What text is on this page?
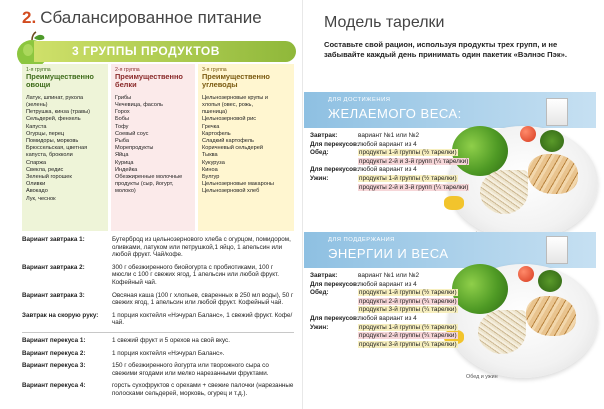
2. Сбалансированное питание
3 ГРУППЫ ПРОДУКТОВ
1-я группа
Преимущественно овощи
Латук, шпинат, рукола
(зелень)
Петрушка, кинза (травы)
Сельдерей, фенхель
Капуста
Огурцы, перец
Помидоры, морковь
Брюссельская, цветная
капуста, брокколи
Спаржа
Свекла, редис
Зеленый горошек
Оливки
Авокадо
Лук, чеснок
2-я группа
Преимущественно белки
Грибы
Чечевица, фасоль
Горох
Бобы
Тофу
Соевый соус
Рыба
Морепродукты
Яйца
Курица
Индейка
Обезжиренные молочные
продукты (сыр, йогурт,
молоко)
3-я группа
Преимущественно углеводы
Цельнозерновые крупы и
хлопья (овес, рожь,
пшеница)
Цельнозерновой рис
Гречка
Картофель
Сладкий картофель
Коричневый сельдерей
Тыква
Кукуруза
Киноа
Булгур
Цельнозерновые макароны
Цельнозерновой хлеб
Вариант завтрака 1:	Бутерброд из цельнозернового хлеба с огурцом, помидором, оливками, латуком или петрушкой,1 яйцо, 1 апельсин или любой фрукт. Чай/кофе.
Вариант завтрака 2:	300 г обезжиренного биойогурта с пробиотиками, 100 г мюсли с 100 г свежих ягод, 1 апельсин или любой фрукт. Кофейный чай.
Вариант завтрака 3:	Овсяная каша (100 г хлопьев, сваренных в 250 мл воды), 50 г свежих ягод, 1 апельсин или любой фрукт. Кофейный чай.
Завтрак на скорую руку:	1 порция коктейля «Нэчурал Баланс», 1 свежий фрукт. Кофе/чай.
Вариант перекуса 1:	1 свежий фрукт и 5 орехов на свой вкус.
Вариант перекуса 2:	1 порция коктейля «Нэчурал Баланс».
Вариант перекуса 3:	150 г обезжиренного йогурта или творожного сыра со свежими ягодами или мелко нарезанными фруктами.
Вариант перекуса 4:	горсть сухофруктов с орехами + свежие палочки (нарезанные полосками сельдерей, морковь, огурец и т.д.).
Модель тарелки
Составьте свой рацион, используя продукты трех групп, и не забывайте каждый день принимать один пакетик «Вэлнэс Пэк».
ДЛЯ ДОСТИЖЕНИЯ
ЖЕЛАЕМОГО ВЕСА:
Завтрак:	вариант №1 или №2
Для перекусов:любой вариант из 4
Обед:	продукты 1-й группы (½ тарелки)
продукты 2-й и 3-й групп (¼ тарелки)
Для перекусов:любой вариант из 4
Ужин:	продукты 1-й группы (½ тарелки)
продукты 2-й и 3-й групп (¼ тарелки)
ДЛЯ ПОДДЕРЖАНИЯ
ЭНЕРГИИ И ВЕСА
Обед и ужин
Завтрак:	вариант №1 или №2
Для перекусов:любой вариант из 4
Обед:	продукты 1-й группы (½ тарелки)
продукты 2-й группы (¼ тарелки)
продукты 3-й группы (¼ тарелки)
Для перекусов:любой вариант из 4
Ужин:	продукты 1-й группы (½ тарелки)
продукты 2-й группы (¼ тарелки)
продукты 3-й группы (¼ тарелки)
